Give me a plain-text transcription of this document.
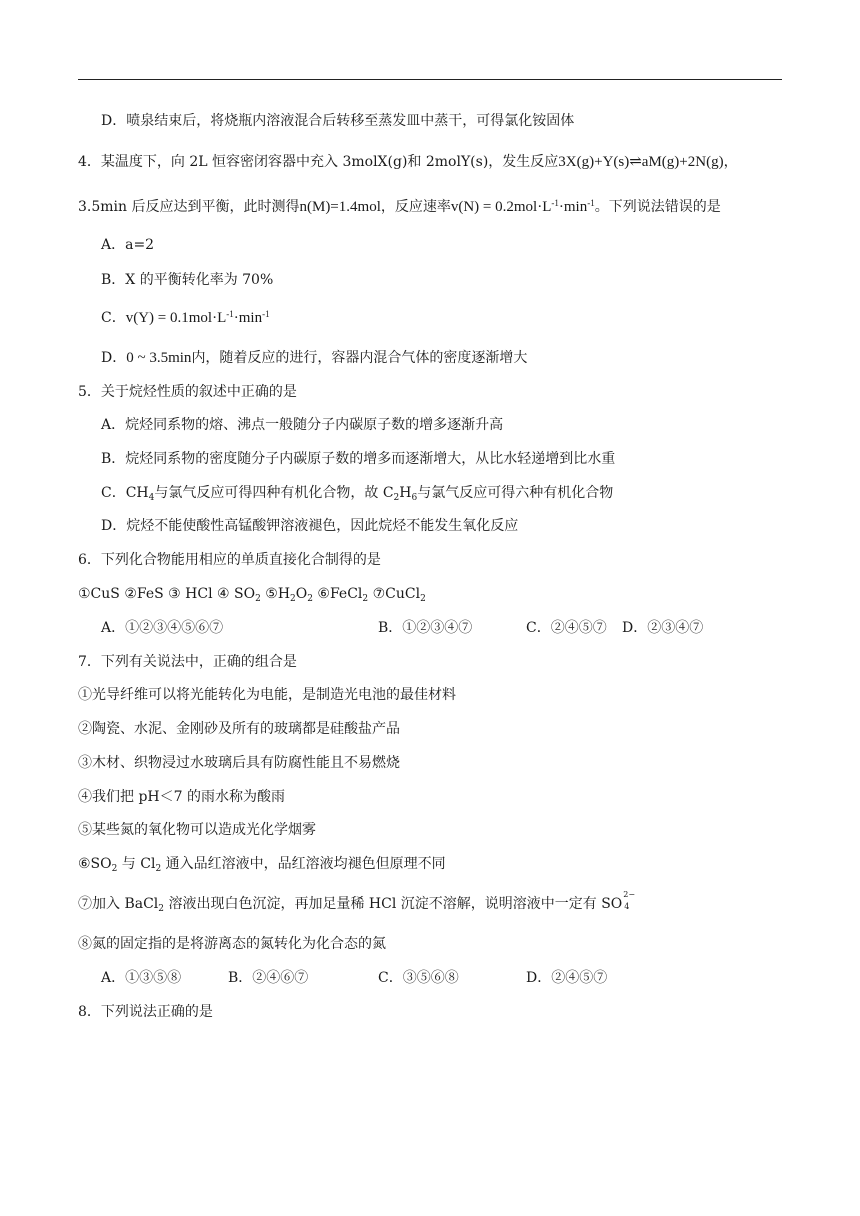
D．喷泉结束后，将烧瓶内溶液混合后转移至蒸发皿中蒸干，可得氯化铵固体
4．某温度下，向 2L 恒容密闭容器中充入 3molX(g)和 2molY(s)，发生反应3X(g)+Y(s)⇌aM(g)+2N(g)，
3.5min 后反应达到平衡，此时测得n(M)=1.4mol，反应速率$v(N) = 0.2mol\cdot L^{-1}\cdot\min^{-1}$。下列说法错误的是
A．a=2
B．X 的平衡转化率为 70%
C．$v(Y) = 0.1mol\cdot L^{-1}\cdot\min^{-1}$
D．0 ~ 3.5min内，随着反应的进行，容器内混合气体的密度逐渐增大
5．关于烷烃性质的叙述中正确的是
A．烷烃同系物的熔、沸点一般随分子内碳原子数的增多逐渐升高
B．烷烃同系物的密度随分子内碳原子数的增多而逐渐增大，从比水轻递增到比水重
C．$CH_4$与氯气反应可得四种有机化合物，故 $C_2H_6$与氯气反应可得六种有机化合物
D．烷烃不能使酸性高锰酸钾溶液褪色，因此烷烃不能发生氧化反应
6．下列化合物能用相应的单质直接化合制得的是
①CuS ②FeS ③ HCl ④ $SO_2$ $⑤H_2O_2$ ⑥FeCl$_2$ ⑦CuCl$_2$
A．①②③④⑤⑥⑦	B．①②③④⑦	C．②④⑤⑦ D．②③④⑦
7．下列有关说法中，正确的组合是
①光导纤维可以将光能转化为电能，是制造光电池的最佳材料
②陶瓷、水泥、金刚砂及所有的玻璃都是硅酸盐产品
③木材、织物浸过水玻璃后具有防腐性能且不易燃烧
④我们把 pH＜7 的雨水称为酸雨
⑤某些氮的氧化物可以造成光化学烟雾
$⑥SO_2$ 与 $Cl_2$ 通入品红溶液中，品红溶液均褪色但原理不同
⑦加入 BaCl$_2$ 溶液出现白色沉淀，再加足量稀 HCl 沉淀不溶解，说明溶液中一定有 SO
2−
4
⑧氮的固定指的是将游离态的氮转化为化合态的氮
A．①③⑤⑧	B．②④⑥⑦	C．③⑤⑥⑧	D．②④⑤⑦
8．下列说法正确的是
